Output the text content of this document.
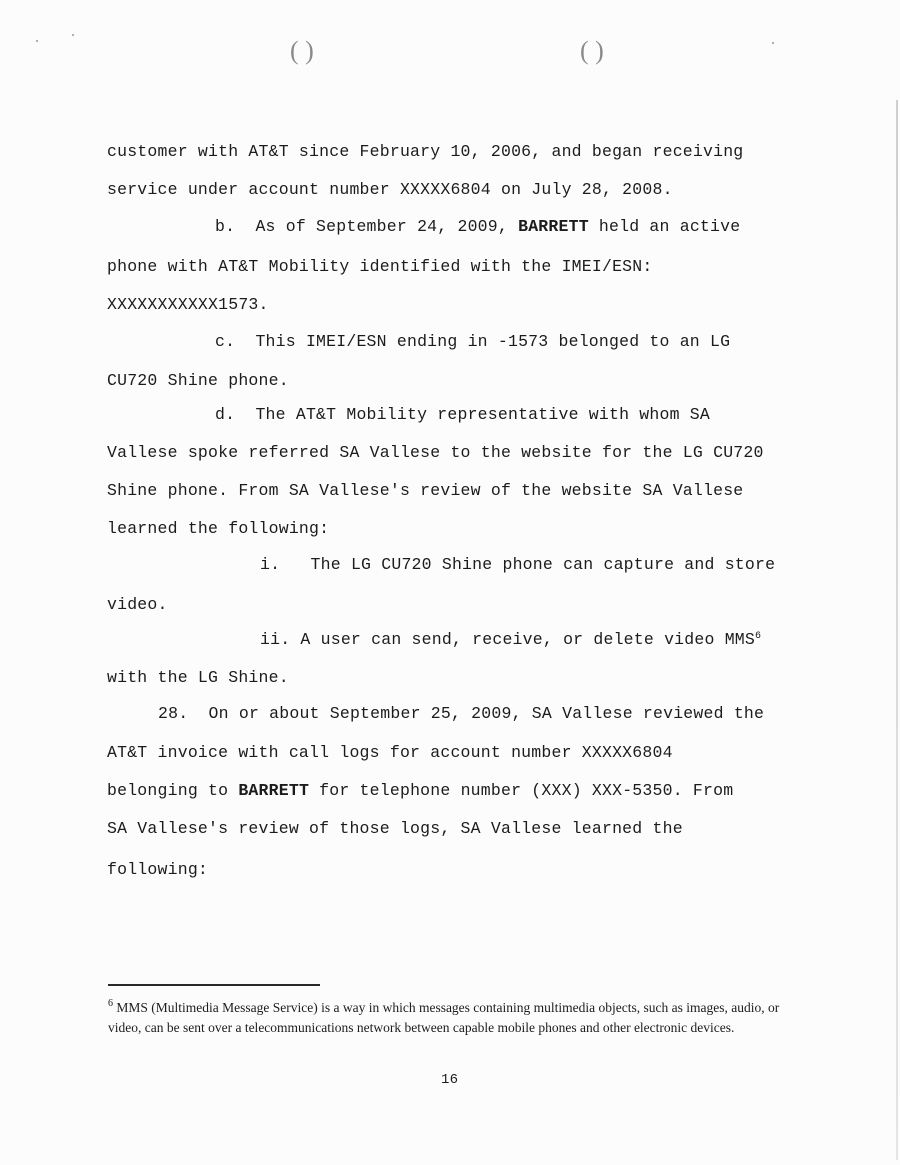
( )	( )
customer with AT&T since February 10, 2006, and began receiving
service under account number XXXXX6804 on July 28, 2008.
b. As of September 24, 2009, BARRETT held an active
phone with AT&T Mobility identified with the IMEI/ESN:
XXXXXXXXXXX1573.
c. This IMEI/ESN ending in -1573 belonged to an LG
CU720 Shine phone.
d. The AT&T Mobility representative with whom SA
Vallese spoke referred SA Vallese to the website for the LG CU720
Shine phone. From SA Vallese's review of the website SA Vallese
learned the following:
i. The LG CU720 Shine phone can capture and store
video.
ii. A user can send, receive, or delete video MMS$^6$
with the LG Shine.
28. On or about September 25, 2009, SA Vallese reviewed the
AT&T invoice with call logs for account number XXXXX6804
belonging to BARRETT for telephone number (XXX) XXX-5350. From
SA Vallese's review of those logs, SA Vallese learned the
following:
$^6$ MMS (Multimedia Message Service) is a way in which messages containing multimedia objects, such as images, audio, or video, can be sent over a telecommunications network between capable mobile phones and other electronic devices.
16
